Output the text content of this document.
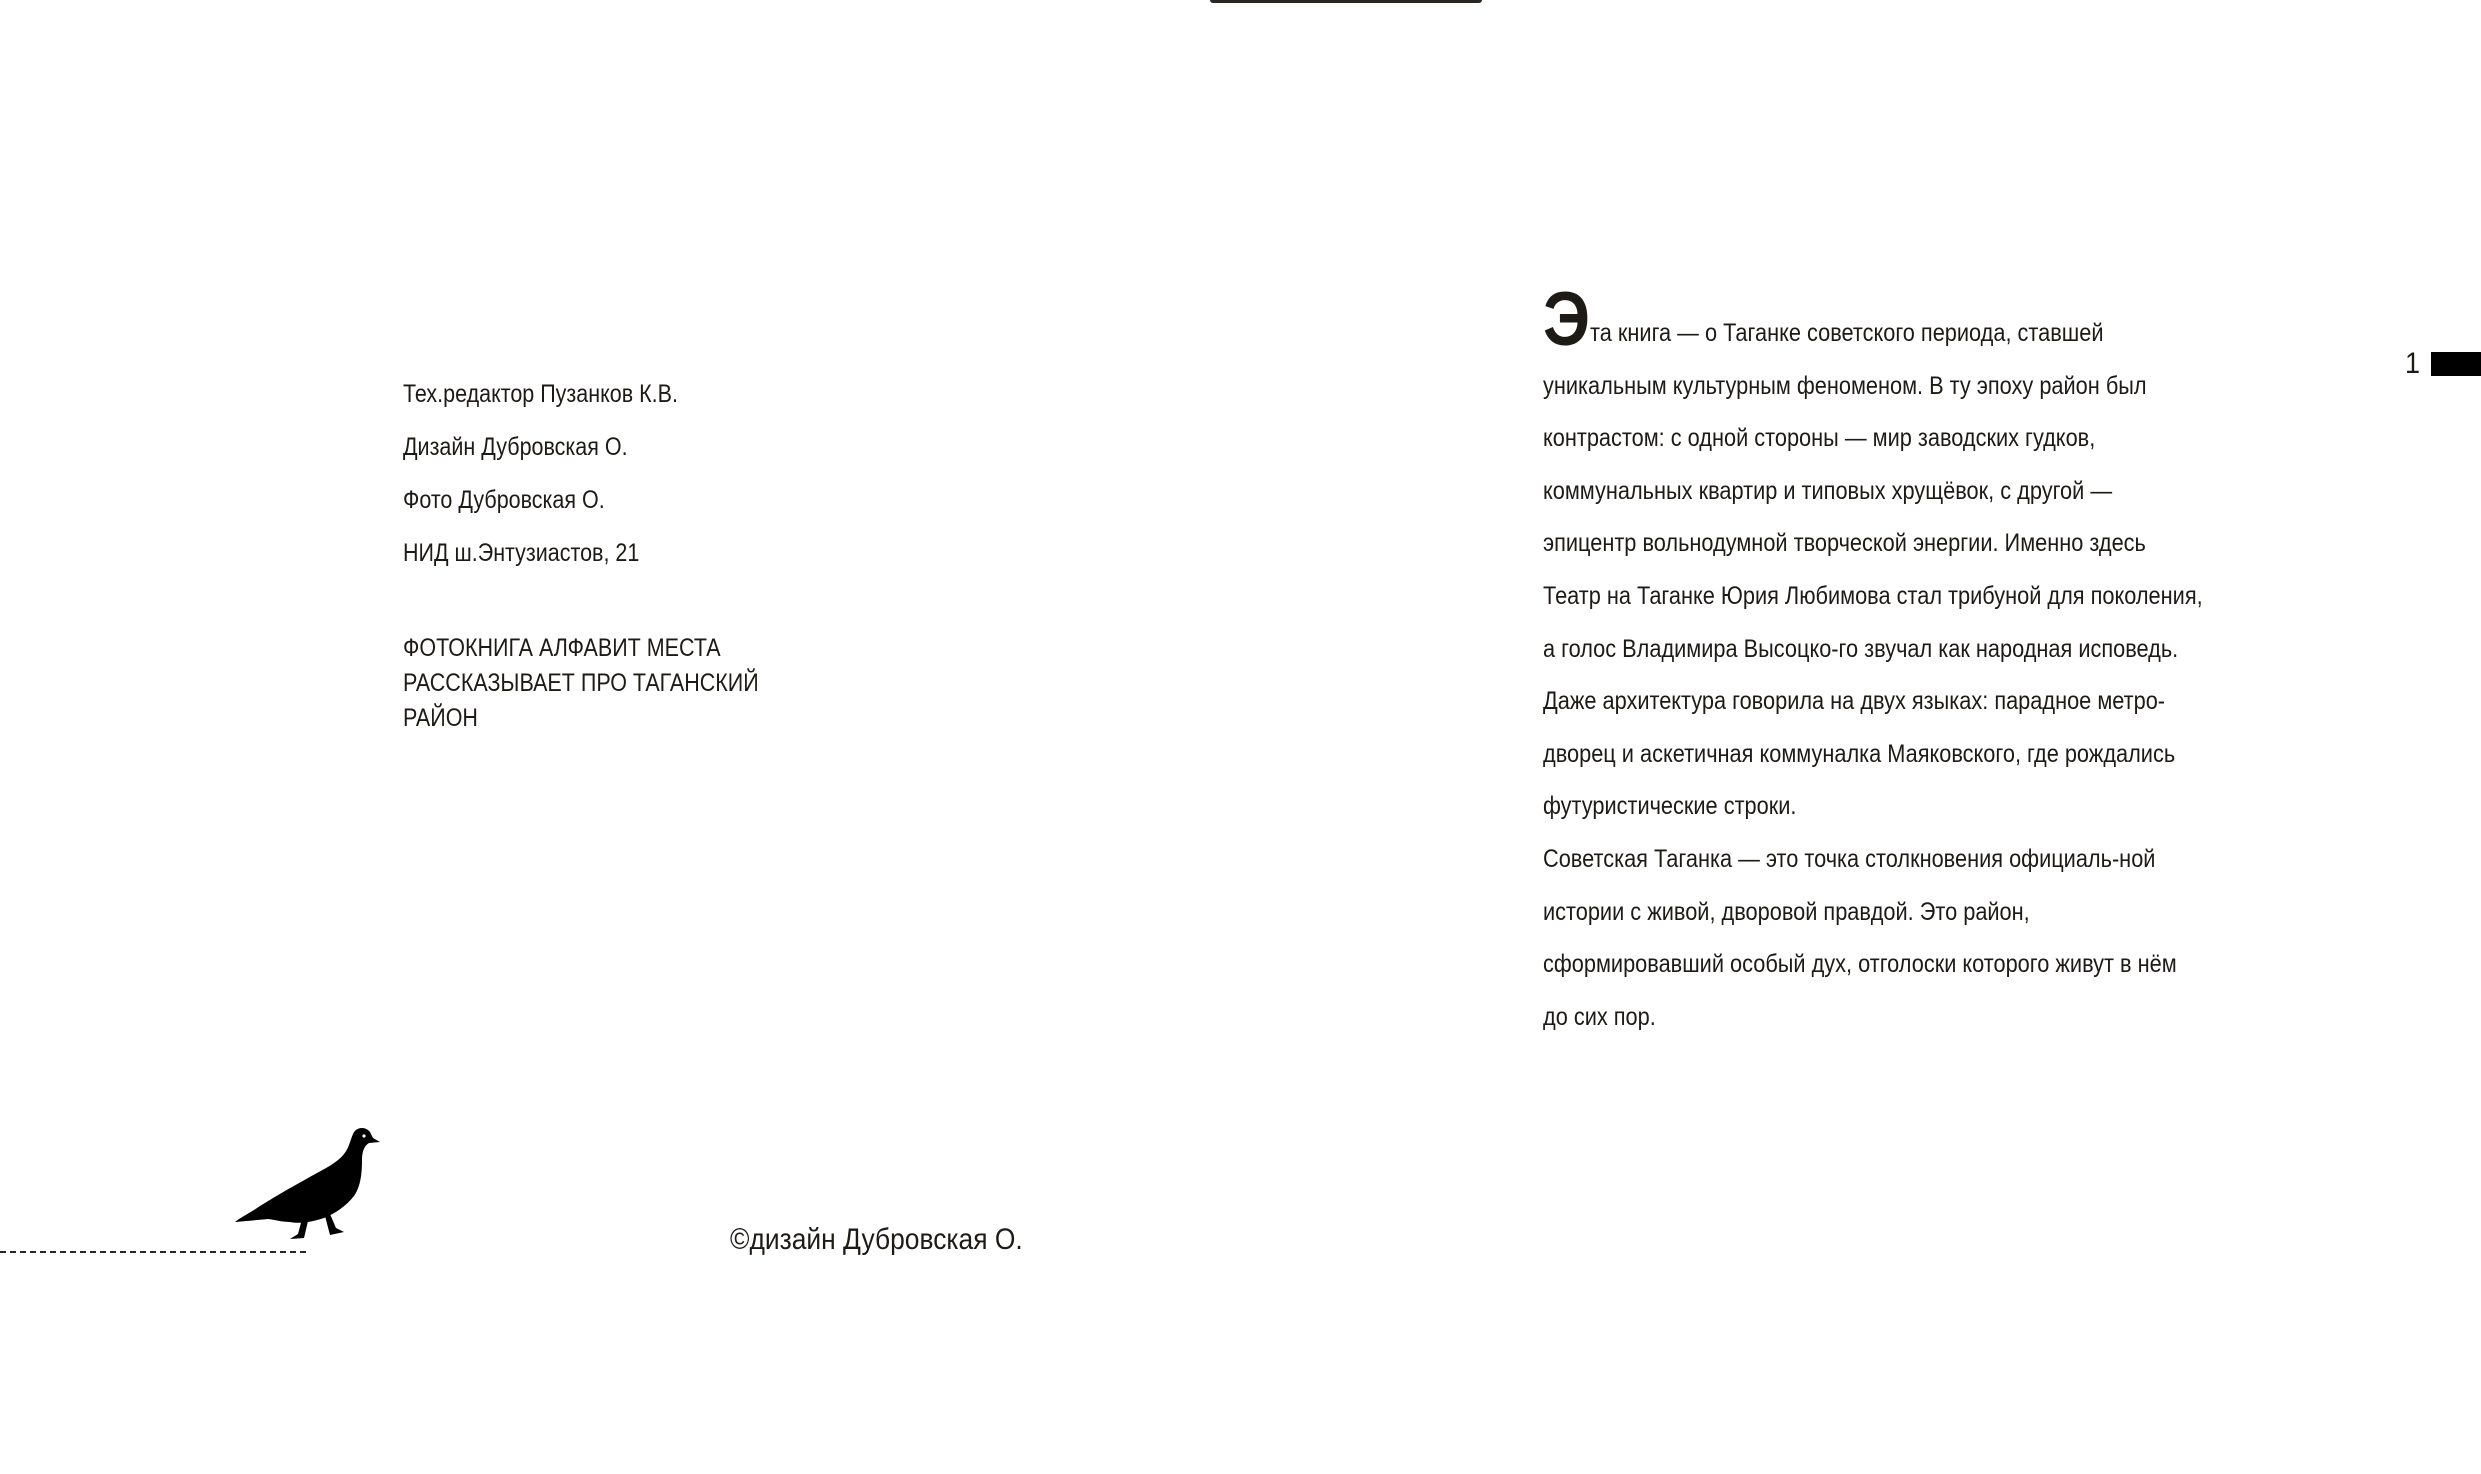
Тех.редактор Пузанков К.В.
Дизайн Дубровская О.
Фото Дубровская О.
НИД ш.Энтузиастов, 21
ФОТОКНИГА АЛФАВИТ МЕСТА
РАССКАЗЫВАЕТ ПРО ТАГАНСКИЙ
РАЙОН
©дизайн Дубровская О.

Эта книга — о Таганке советского периода, ставшей уникальным культурным феноменом. В ту эпоху район был контрастом: с одной стороны — мир заводских гудков, коммунальных квартир и типовых хрущёвок, с другой — эпицентр вольнодумной творческой энергии. Именно здесь Театр на Таганке Юрия Любимова стал трибуной для поколения, а голос Владимира Высоцко-го звучал как народная исповедь. Даже архитектура говорила на двух языках: парадное метро-дворец и аскетичная коммуналка Маяковского, где рождались футуристические строки.

Советская Таганка — это точка столкновения официаль-ной истории с живой, дворовой правдой. Это район, сформировавший особый дух, отголоски которого живут в нём до сих пор.

1
